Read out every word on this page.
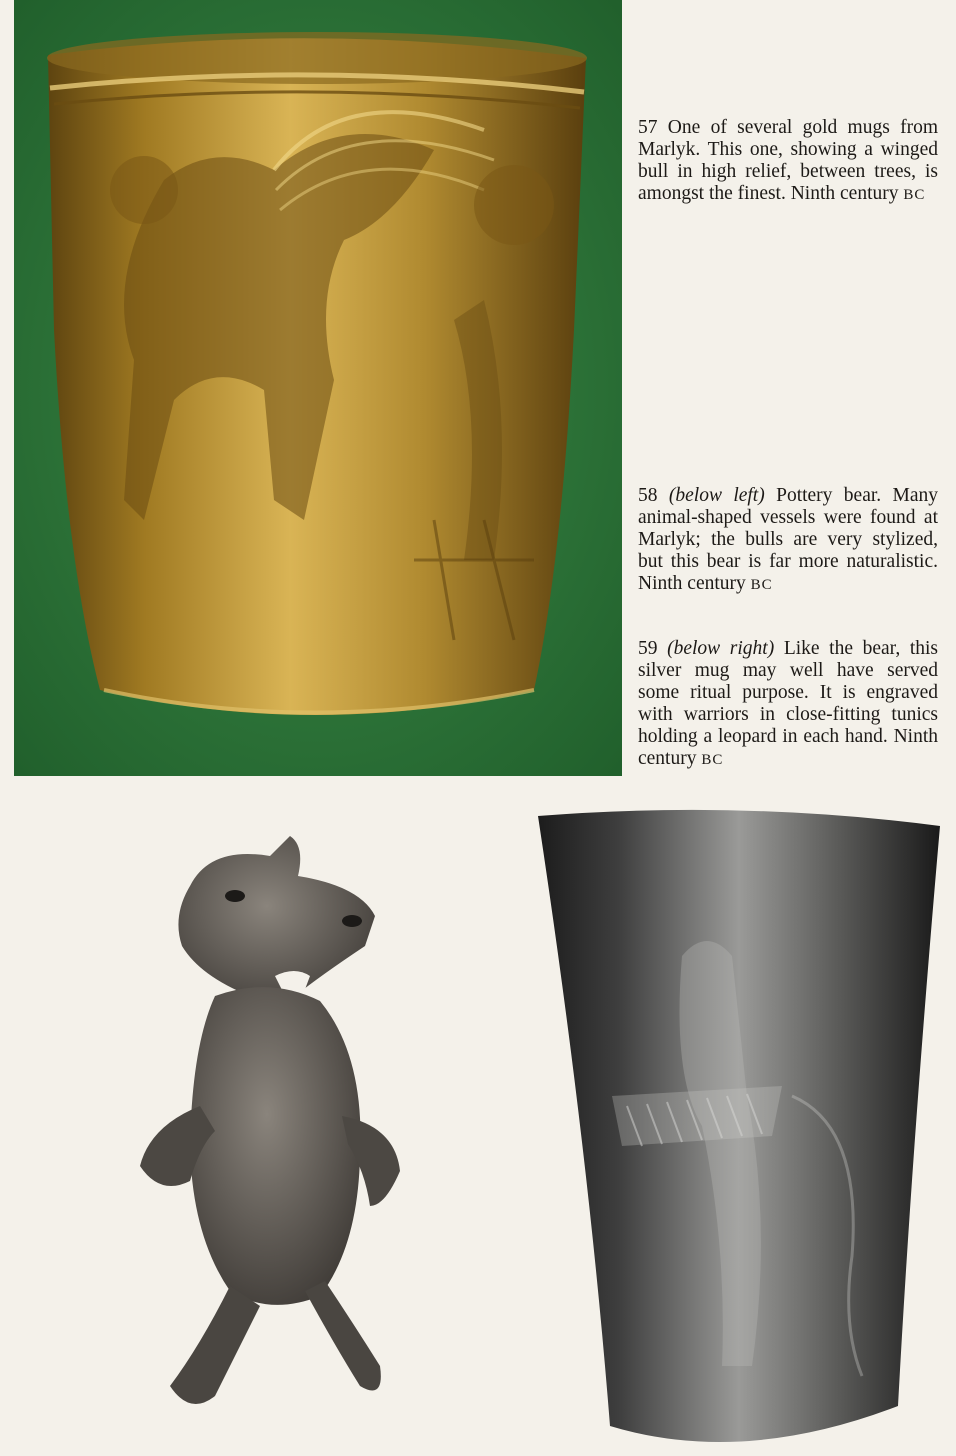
57 One of several gold mugs from Marlyk. This one, showing a winged bull in high relief, between trees, is amongst the finest. Ninth century BC
58 (below left) Pottery bear. Many animal-shaped vessels were found at Marlyk; the bulls are very stylized, but this bear is far more naturalistic. Ninth century BC
59 (below right) Like the bear, this silver mug may well have served some ritual purpose. It is engraved with warriors in close-fitting tunics holding a leopard in each hand. Ninth century BC
